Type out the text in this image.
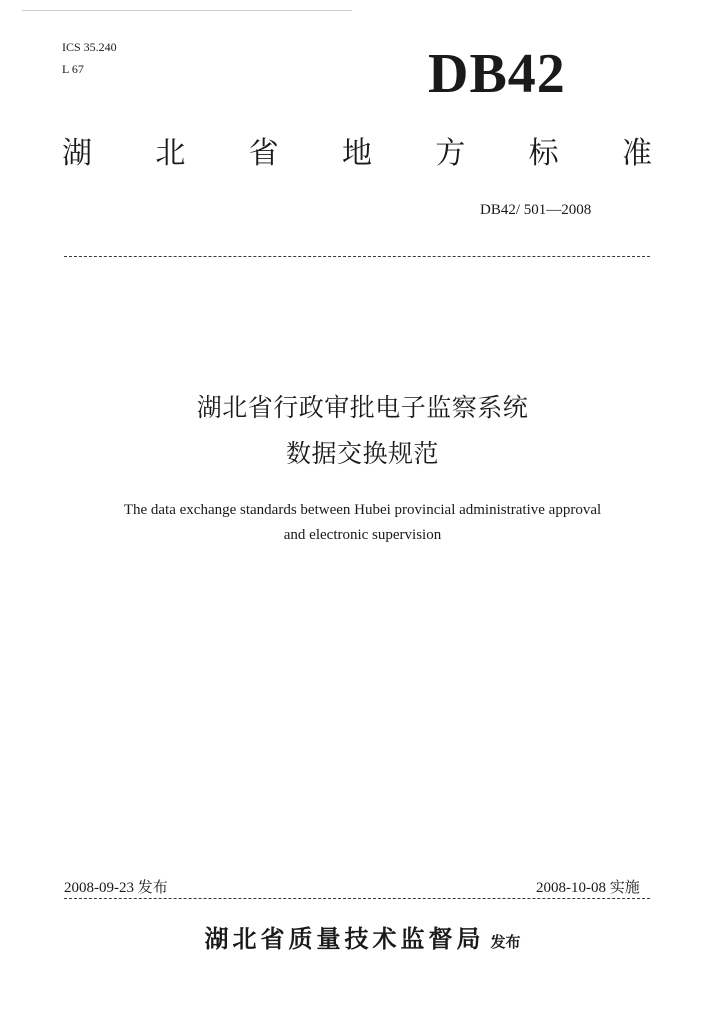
ICS 35.240
L 67	DB42
湖 北 省 地 方 标 准
DB42/ 501—2008
湖北省行政审批电子监察系统
数据交换规范
The data exchange standards between Hubei provincial administrative approval
and electronic supervision
2008-09-23 发布	2008-10-08 实施
湖北省质量技术监督局 发布
